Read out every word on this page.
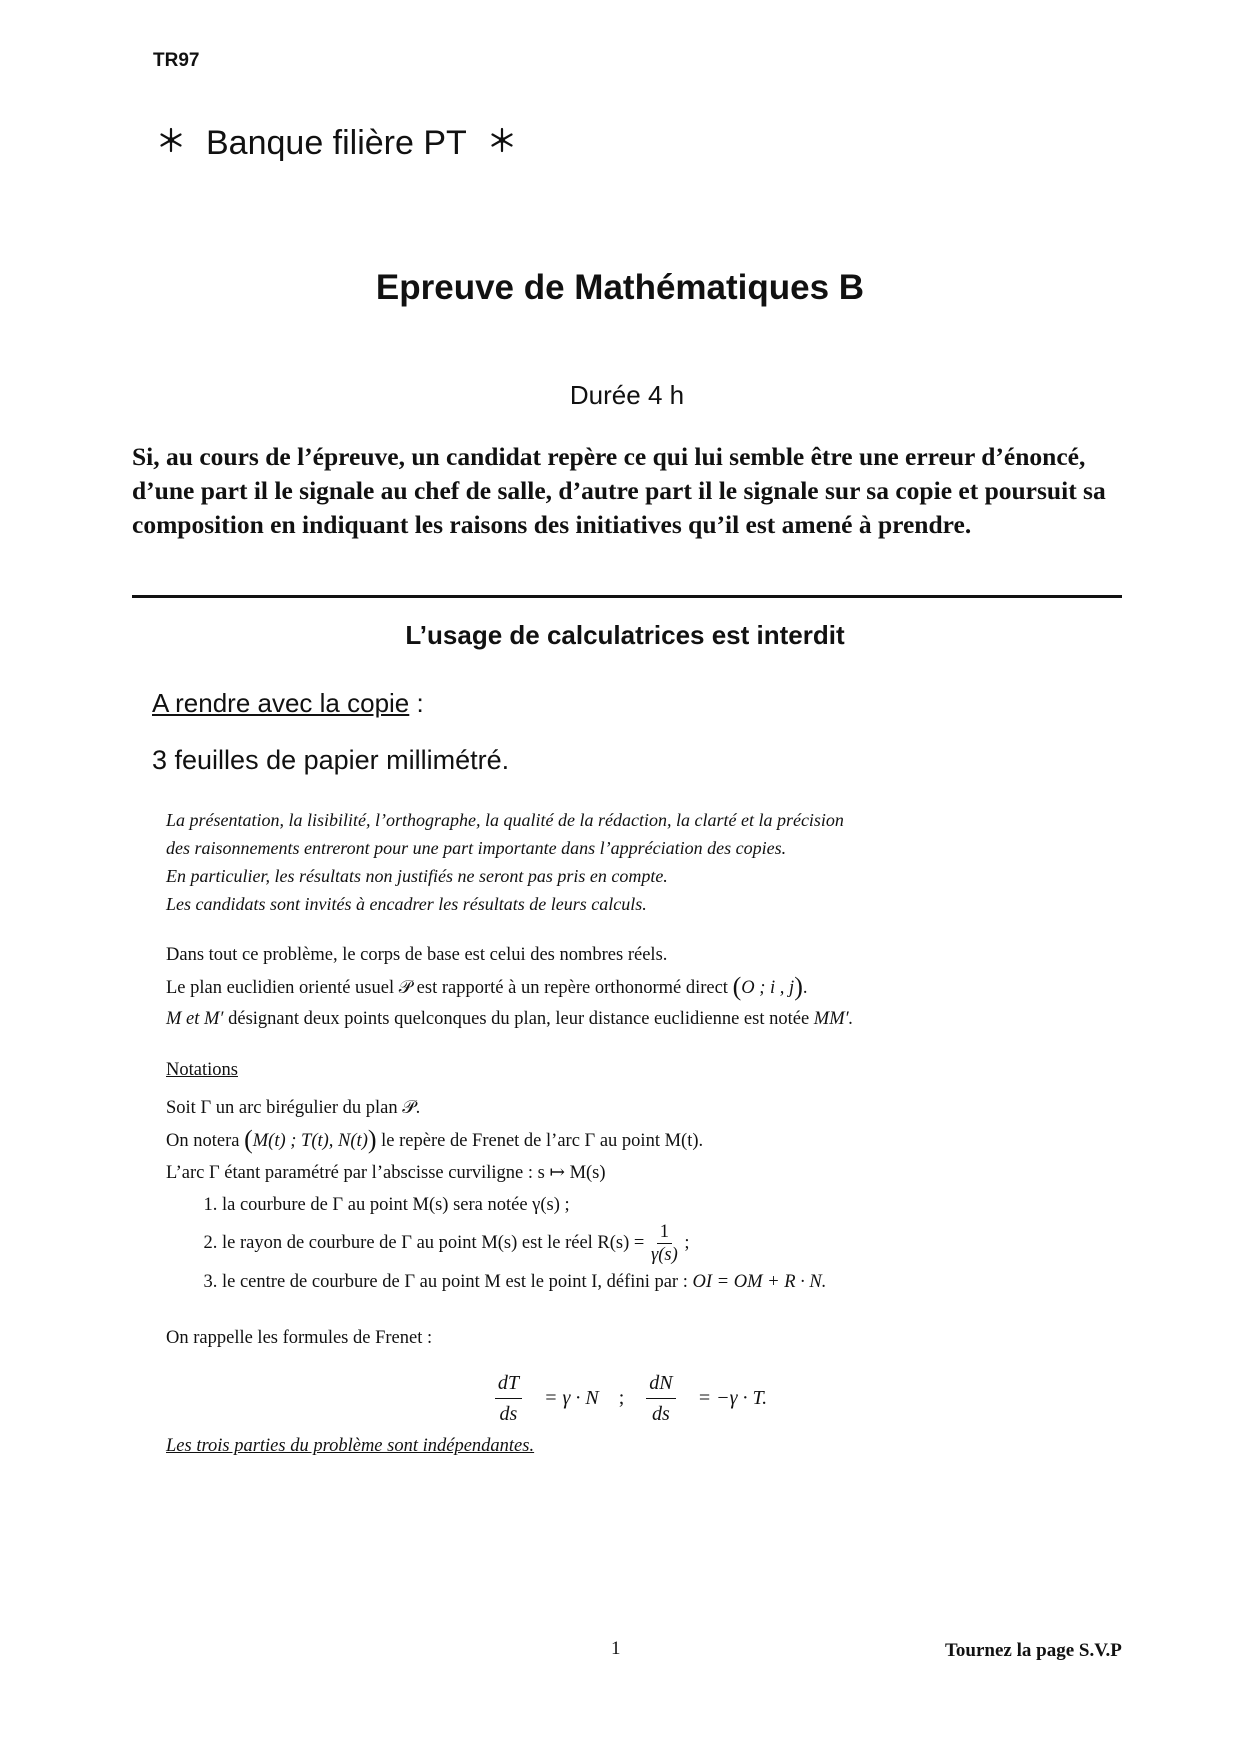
TR97
Banque filière PT
Epreuve de Mathématiques B
Durée 4 h
Si, au cours de l’épreuve, un candidat repère ce qui lui semble être une erreur d’énoncé, d’une part il le signale au chef de salle, d’autre part il le signale sur sa copie et poursuit sa composition en indiquant les raisons des initiatives qu’il est amené à prendre.
L’usage de calculatrices est interdit
A rendre avec la copie :
3 feuilles de papier millimétré.
La présentation, la lisibilité, l’orthographe, la qualité de la rédaction, la clarté et la précision
des raisonnements entreront pour une part importante dans l’appréciation des copies.
En particulier, les résultats non justifiés ne seront pas pris en compte.
Les candidats sont invités à encadrer les résultats de leurs calculs.
Dans tout ce problème, le corps de base est celui des nombres réels.
Le plan euclidien orienté usuel 𝒫 est rapporté à un repère orthonormé direct (O ; i , j).
M et M′ désignant deux points quelconques du plan, leur distance euclidienne est notée MM′.
Notations
Soit Γ un arc birégulier du plan 𝒫.
On notera (M(t) ; T(t), N(t)) le repère de Frenet de l’arc Γ au point M(t).
L’arc Γ étant paramétré par l’abscisse curviligne : s ↦ M(s)
1. la courbure de Γ au point M(s) sera notée γ(s) ;
2. le rayon de courbure de Γ au point M(s) est le réel $R(s) = \frac{1}{\gamma(s)}$ ;
3. le centre de courbure de Γ au point M est le point I, défini par : OI = OM + R · N.
On rappelle les formules de Frenet :
$\frac{dT}{ds} = \gamma \cdot N$ ; $\frac{dN}{ds} = -\gamma \cdot T$.
Les trois parties du problème sont indépendantes.
1	Tournez la page S.V.P
